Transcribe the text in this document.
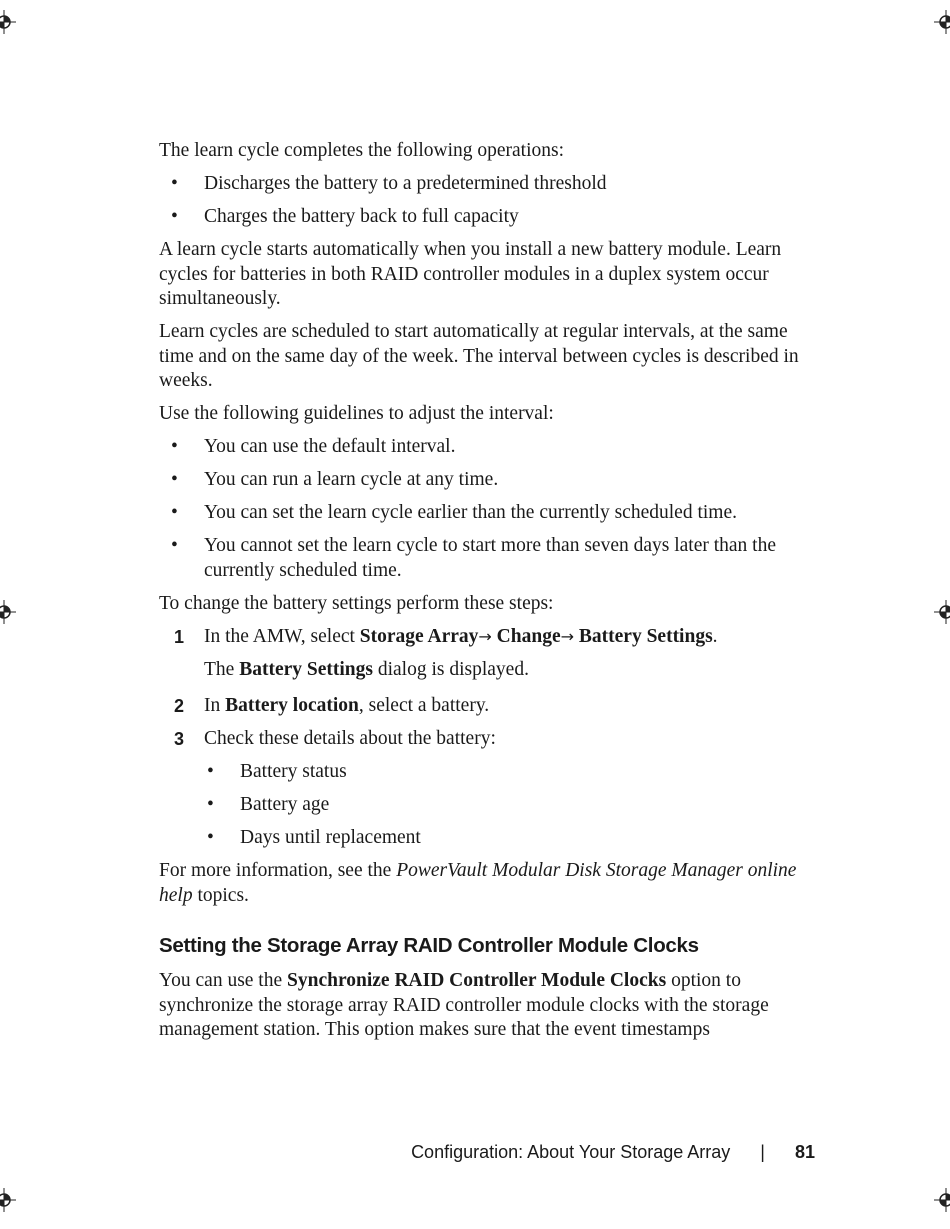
The learn cycle completes the following operations:

• Discharges the battery to a predetermined threshold
• Charges the battery back to full capacity

A learn cycle starts automatically when you install a new battery module. Learn cycles for batteries in both RAID controller modules in a duplex system occur simultaneously.

Learn cycles are scheduled to start automatically at regular intervals, at the same time and on the same day of the week. The interval between cycles is described in weeks.

Use the following guidelines to adjust the interval:

• You can use the default interval.
• You can run a learn cycle at any time.
• You can set the learn cycle earlier than the currently scheduled time.
• You cannot set the learn cycle to start more than seven days later than the currently scheduled time.

To change the battery settings perform these steps:

1 In the AMW, select Storage Array→ Change→ Battery Settings.
The Battery Settings dialog is displayed.
2 In Battery location, select a battery.
3 Check these details about the battery:
• Battery status
• Battery age
• Days until replacement

For more information, see the PowerVault Modular Disk Storage Manager online help topics.

Setting the Storage Array RAID Controller Module Clocks

You can use the Synchronize RAID Controller Module Clocks option to synchronize the storage array RAID controller module clocks with the storage management station. This option makes sure that the event timestamps

Configuration: About Your Storage Array | 81
